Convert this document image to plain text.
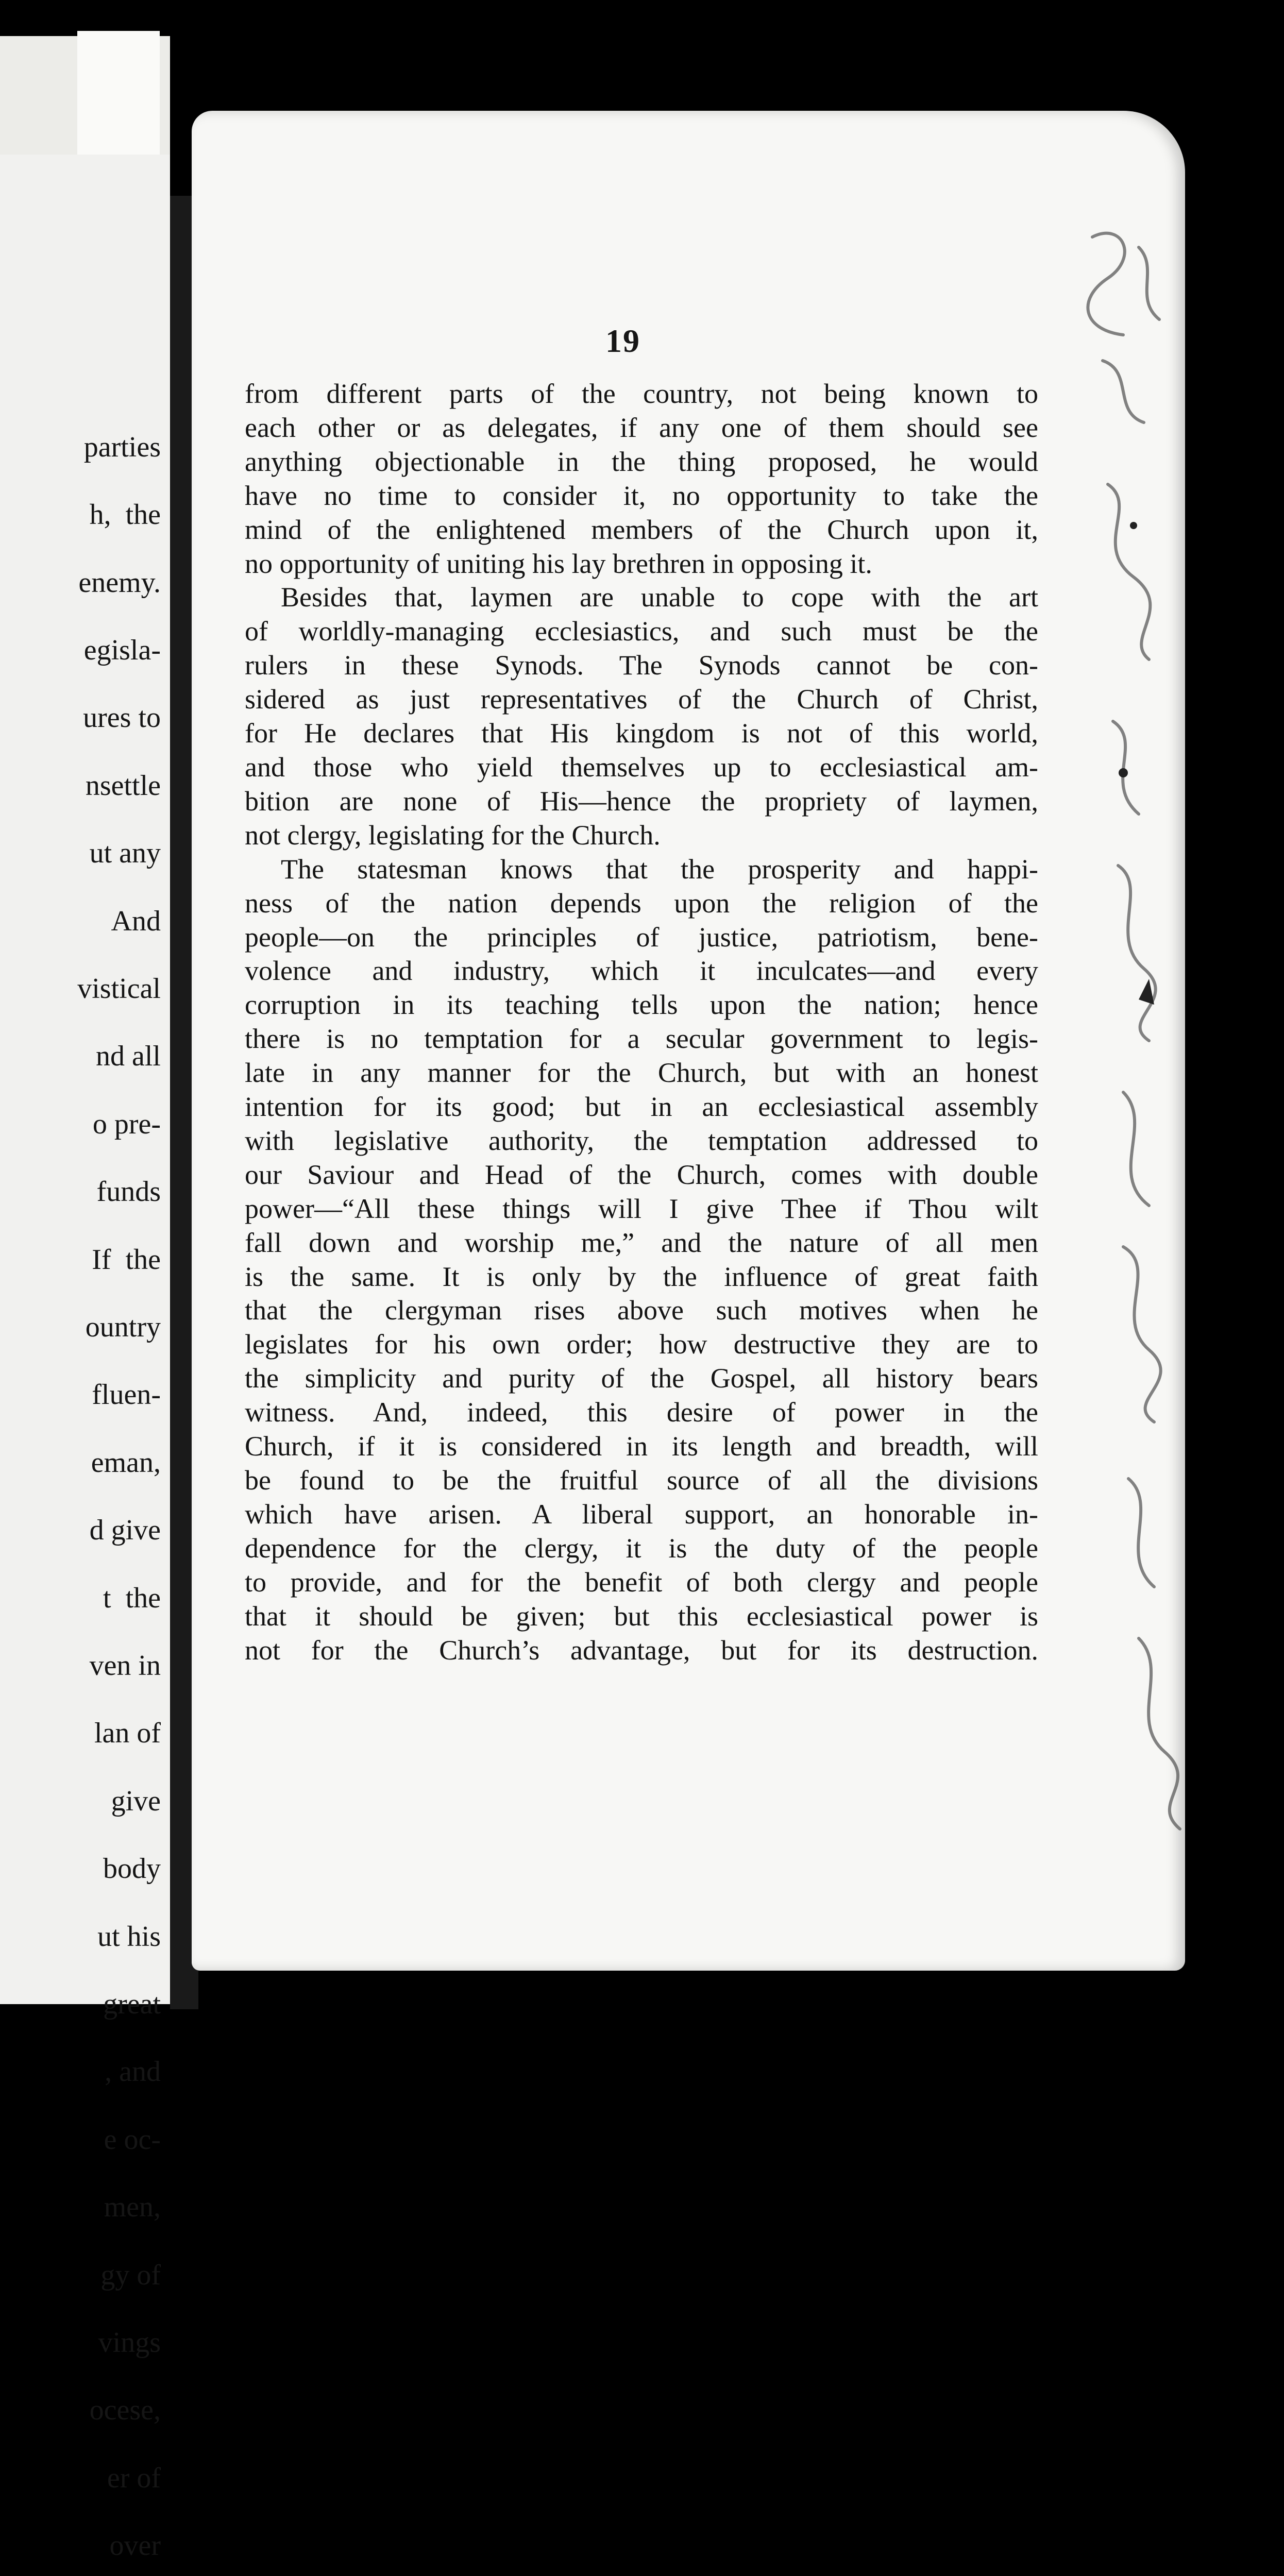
parties

h,  the

enemy.

egisla-

ures to

nsettle

ut any

And

vistical

nd all

o pre-

funds

If  the

ountry

fluen-

eman,

d give

t  the

ven in

lan of

give

body

ut his

great

, and

e oc-

men,

gy of

vings

ocese,

er of

over

19
from different parts of the country, not being known to
each other or as delegates, if any one of them should see
anything objectionable in the thing proposed, he would
have no time to consider it, no opportunity to take the
mind of the enlightened members of the Church upon it,
no opportunity of uniting his lay brethren in opposing it.
Besides that, laymen are unable to cope with the art
of worldly-managing ecclesiastics, and such must be the
rulers in these Synods. The Synods cannot be con-
sidered as just representatives of the Church of Christ,
for He declares that His kingdom is not of this world,
and those who yield themselves up to ecclesiastical am-
bition are none of His—hence the propriety of laymen,
not clergy, legislating for the Church.
The statesman knows that the prosperity and happi-
ness of the nation depends upon the religion of the
people—on the principles of justice, patriotism, bene-
volence and industry, which it inculcates—and every
corruption in its teaching tells upon the nation; hence
there is no temptation for a secular government to legis-
late in any manner for the Church, but with an honest
intention for its good; but in an ecclesiastical assembly
with legislative authority, the temptation addressed to
our Saviour and Head of the Church, comes with double
power—“All these things will I give Thee if Thou wilt
fall down and worship me,” and the nature of all men
is the same. It is only by the influence of great faith
that the clergyman rises above such motives when he
legislates for his own order; how destructive they are to
the simplicity and purity of the Gospel, all history bears
witness. And, indeed, this desire of power in the
Church, if it is considered in its length and breadth, will
be found to be the fruitful source of all the divisions
which have arisen. A liberal support, an honorable in-
dependence for the clergy, it is the duty of the people
to provide, and for the benefit of both clergy and people
that it should be given; but this ecclesiastical power is
not for the Church’s advantage, but for its destruction.
